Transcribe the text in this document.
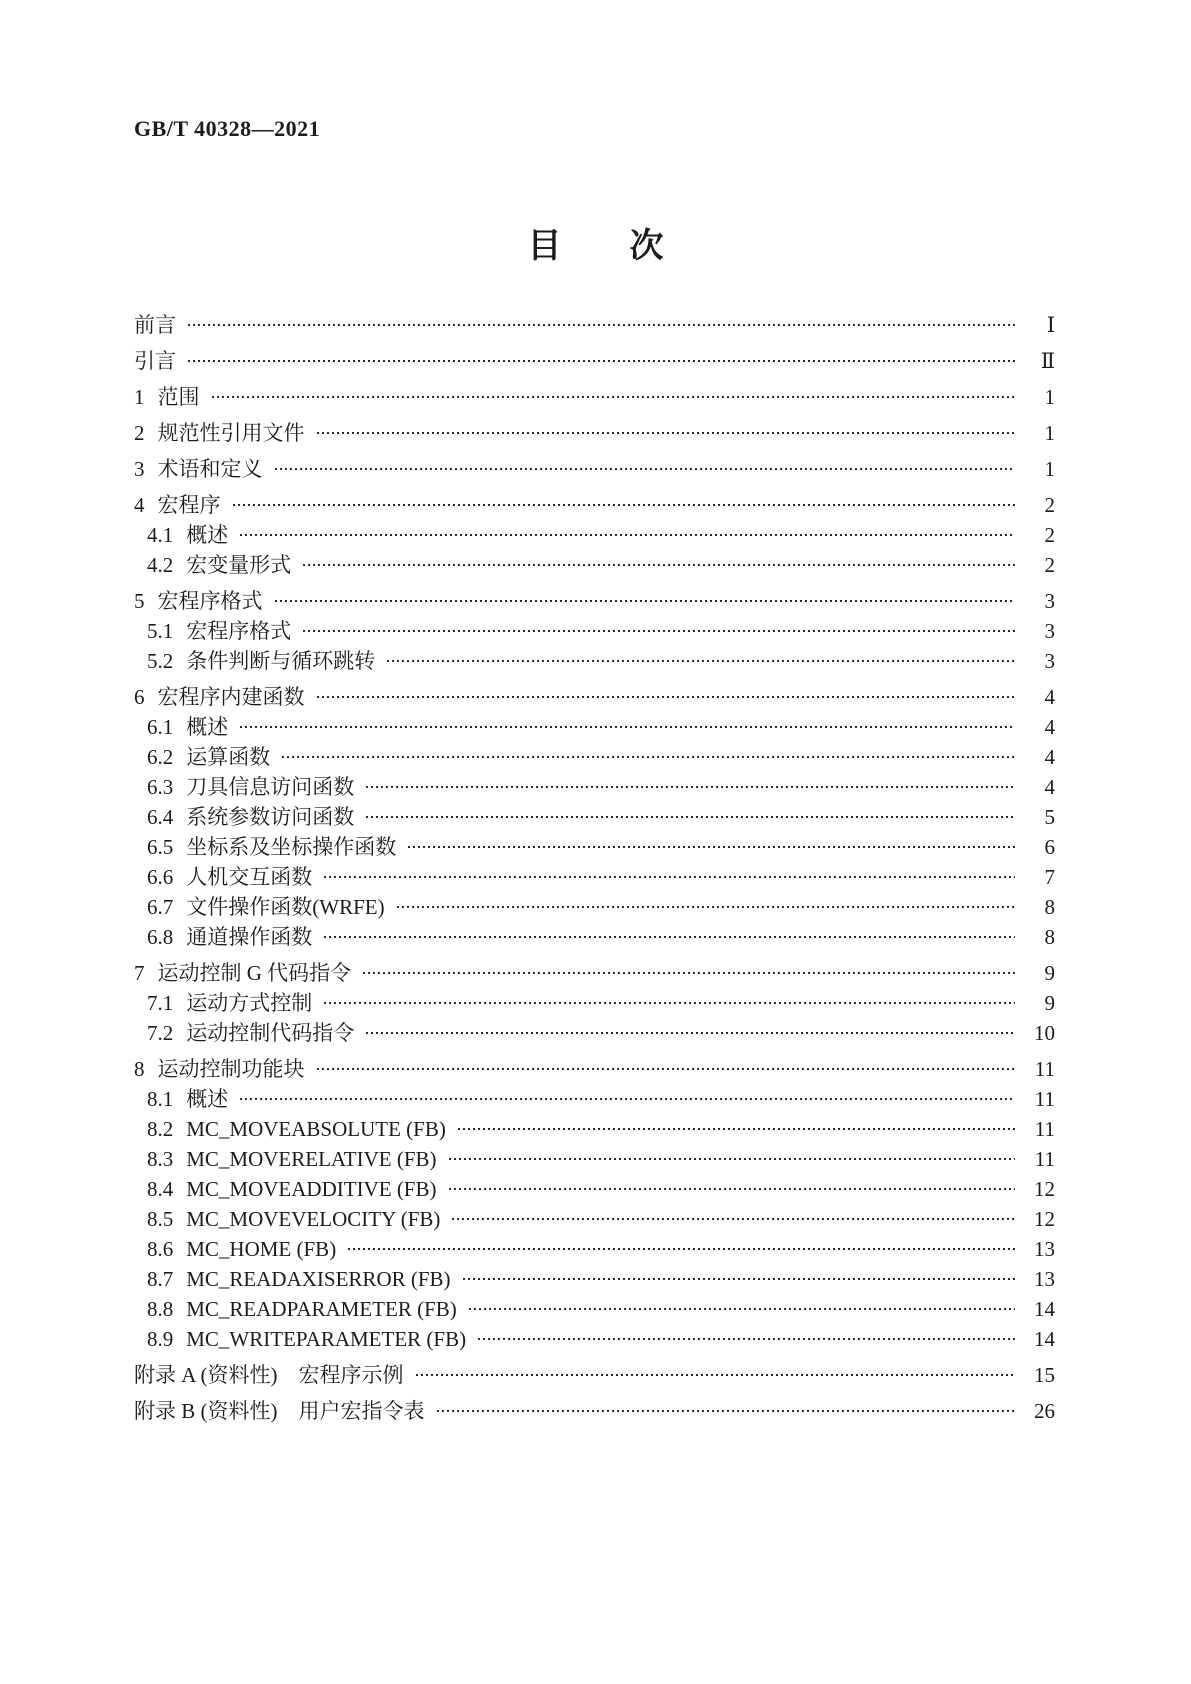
GB/T 40328—2021
目　　次
前言	Ⅰ
引言	Ⅱ
1 范围	1
2 规范性引用文件	1
3 术语和定义	1
4 宏程序	2
4.1 概述	2
4.2 宏变量形式	2
5 宏程序格式	3
5.1 宏程序格式	3
5.2 条件判断与循环跳转	3
6 宏程序内建函数	4
6.1 概述	4
6.2 运算函数	4
6.3 刀具信息访问函数	4
6.4 系统参数访问函数	5
6.5 坐标系及坐标操作函数	6
6.6 人机交互函数	7
6.7 文件操作函数(WRFE)	8
6.8 通道操作函数	8
7 运动控制 G 代码指令	9
7.1 运动方式控制	9
7.2 运动控制代码指令	10
8 运动控制功能块	11
8.1 概述	11
8.2 MC_MOVEABSOLUTE (FB)	11
8.3 MC_MOVERELATIVE (FB)	11
8.4 MC_MOVEADDITIVE (FB)	12
8.5 MC_MOVEVELOCITY (FB)	12
8.6 MC_HOME (FB)	13
8.7 MC_READAXISERROR (FB)	13
8.8 MC_READPARAMETER (FB)	14
8.9 MC_WRITEPARAMETER (FB)	14
附录 A (资料性)　宏程序示例	15
附录 B (资料性)　用户宏指令表	26
